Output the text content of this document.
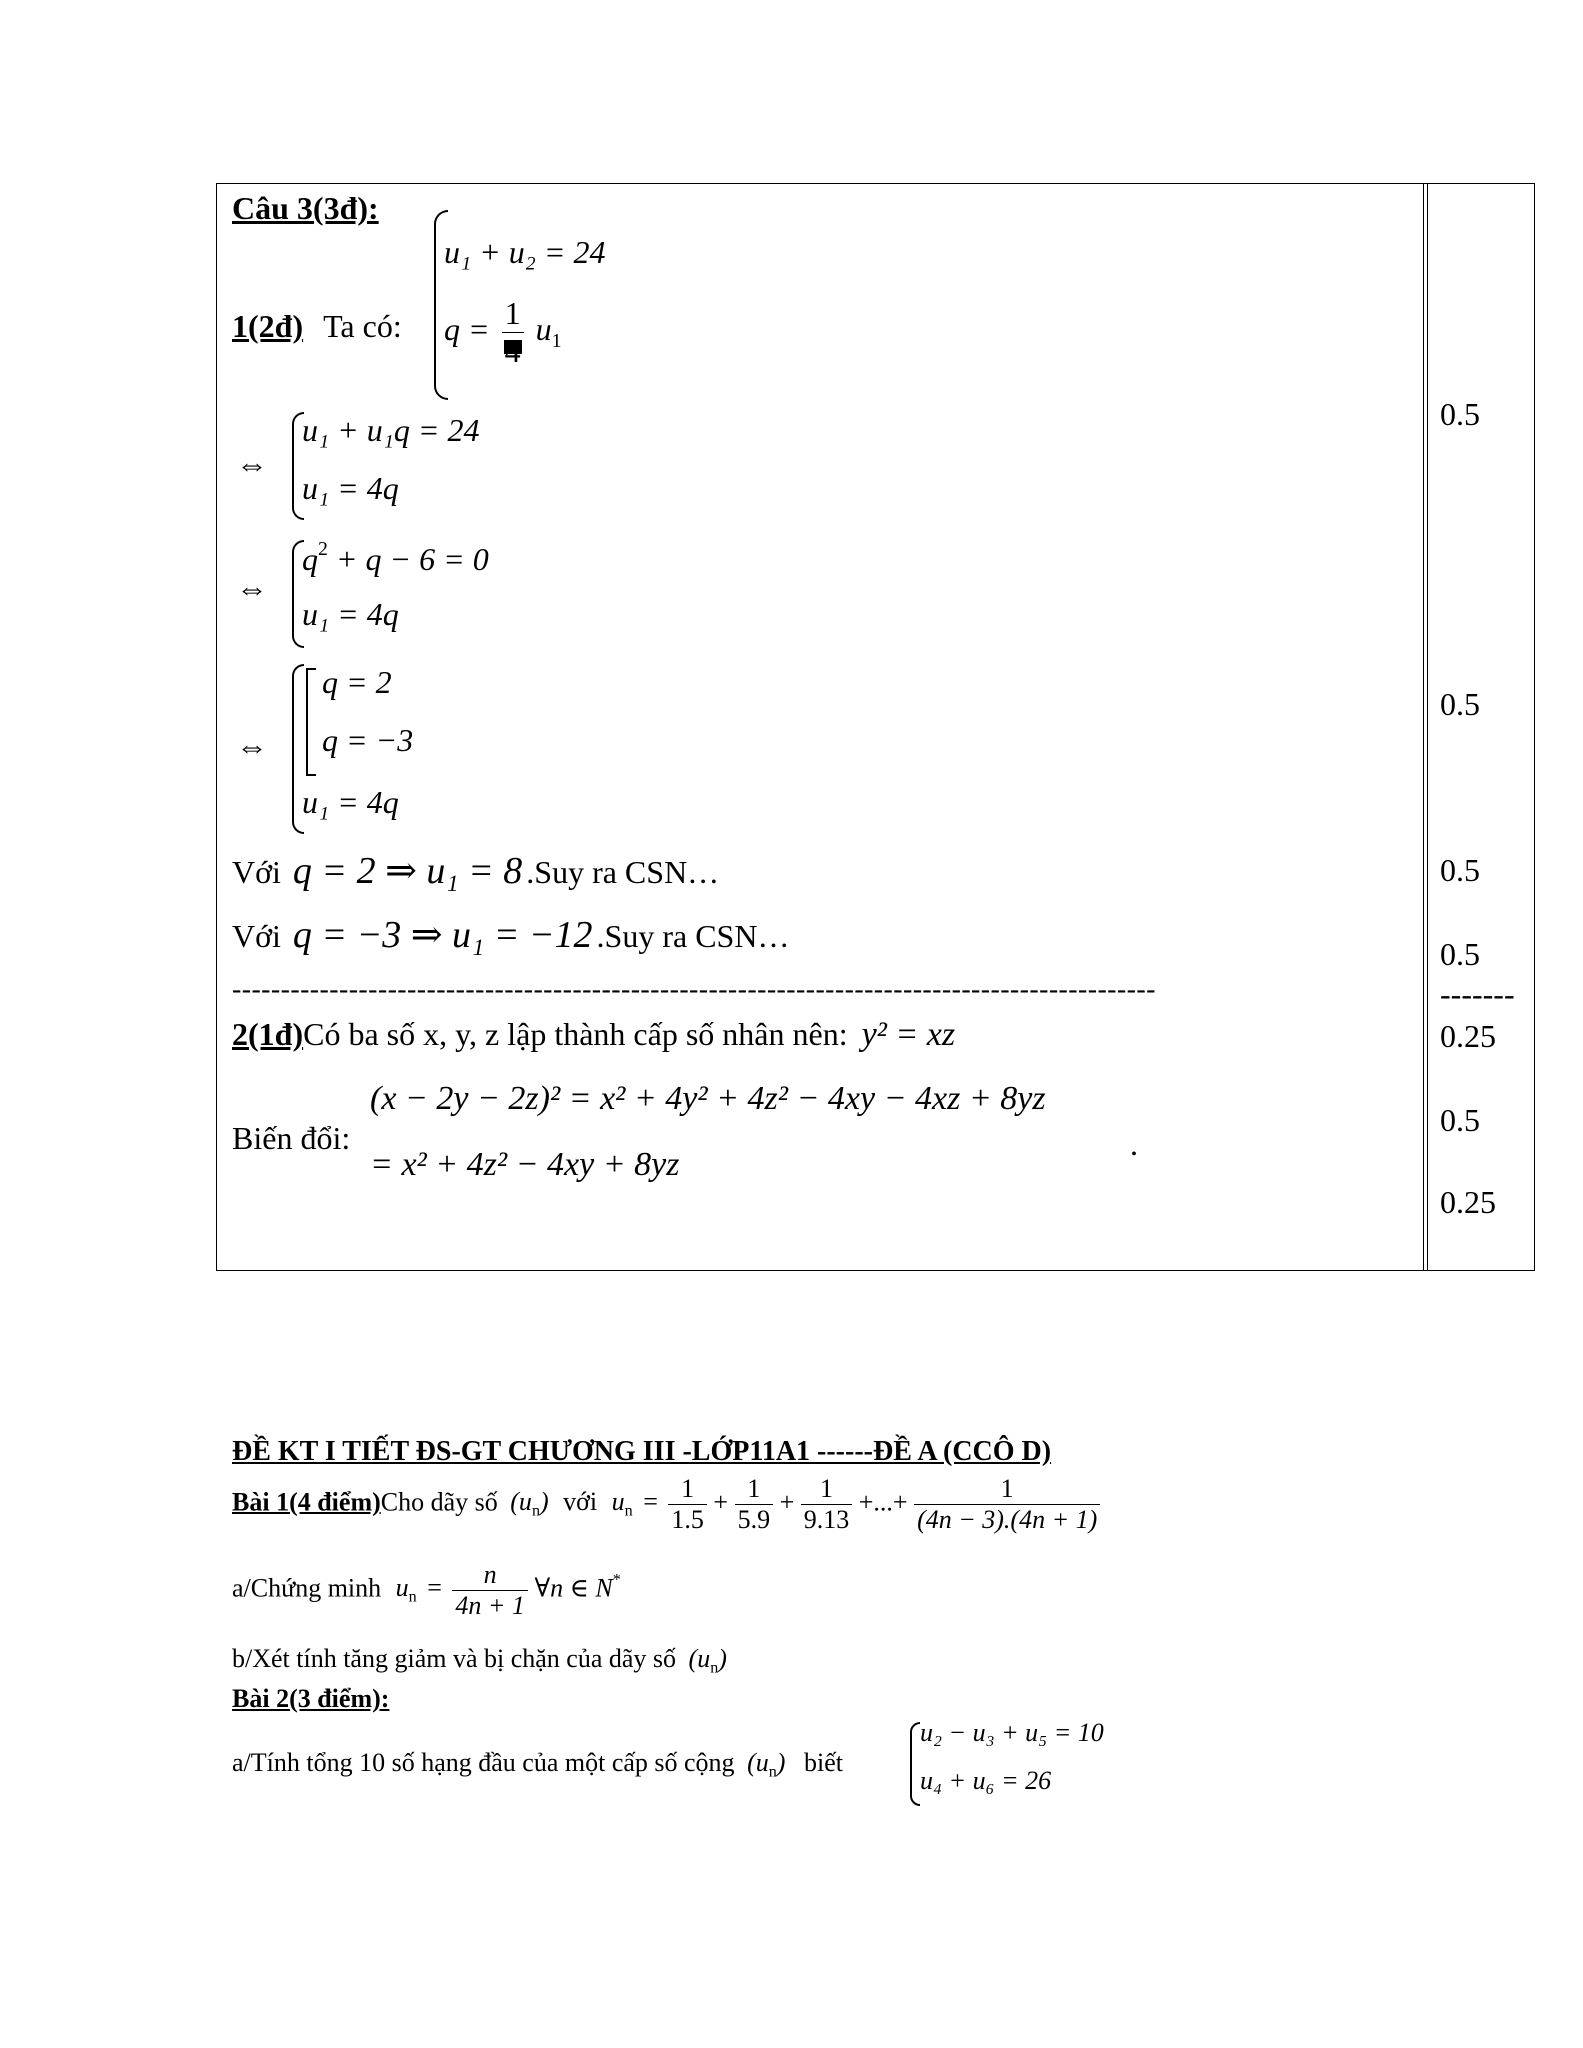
Câu 3(3đ):
1(2đ) Ta có:
u₁ + u₂ = 24
q = 1 $u_1$
⇔
u₁ + u₁q = 24
u₁ = 4q
⇔
$q^2 + q - 6 = 0$
u₁ = 4q
⇔
q = 2
q = −3
u₁ = 4q
Với q = 2 ⇒ u₁ = 8 .Suy ra CSN…
Với q = −3 ⇒ u₁ = −12 .Suy ra CSN…
-----------------------------------------------------------------------------------------------
2(1đ)Có ba số x, y, z lập thành cấp số nhân nên: y² = xz
Biến đổi:
(x − 2y − 2z)² = x² + 4y² + 4z² − 4xy − 4xz + 8yz
= x² + 4z² − 4xy + 8yz
.
0.5
0.5
0.5
0.5
-------
0.25
0.5
0.25
ĐỀ KT I TIẾT ĐS-GT CHƯƠNG III -LỚP11A1 ------ĐỀ A (CCÔ D)
Bài 1(4 điểm)Cho dãy số $(u_n)$ với $u_n = \frac{1}{1.5} + \frac{1}{5.9} + \frac{1}{9.13}$ +...+ $\frac{1}{(4n - 3).(4n + 1)}$
a/Chứng minh $u_n = \frac{n}{4n + 1}$ ∀n ∈ N*
b/Xét tính tăng giảm và bị chặn của dãy số $(u_n)$
Bài 2(3 điểm):
a/Tính tổng 10 số hạng đầu của một cấp số cộng $(u_n)$ biết
u₂ − u₃ + u₅ = 10
u₄ + u₆ = 26
